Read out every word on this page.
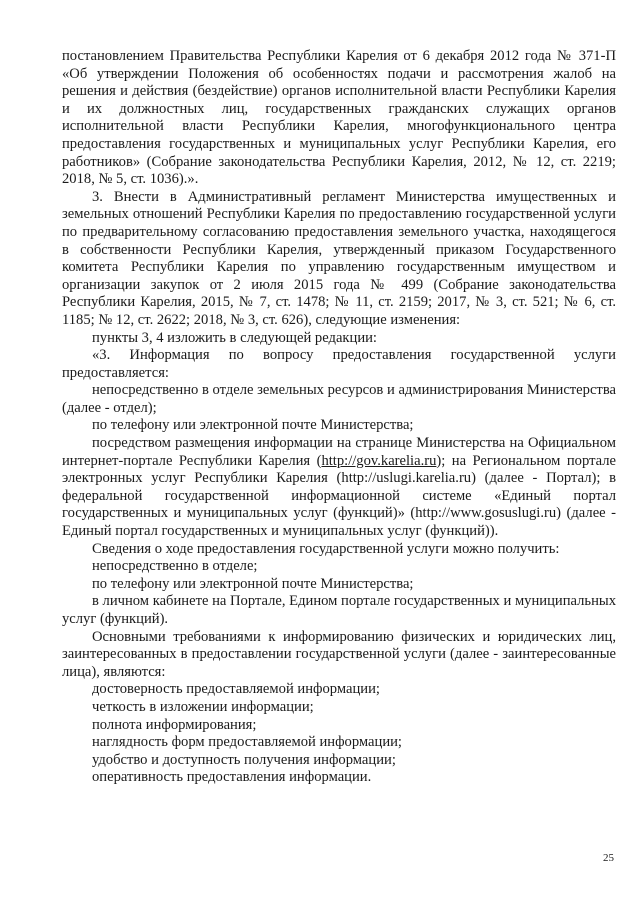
постановлением Правительства Республики Карелия от 6 декабря 2012 года № 371-П «Об утверждении Положения об особенностях подачи и рассмотрения жалоб на решения и действия (бездействие) органов исполнительной власти Республики Карелия и их должностных лиц, государственных гражданских служащих органов исполнительной власти Республики Карелия, многофункционального центра предоставления государственных и муниципальных услуг Республики Карелия, его работников» (Собрание законодательства Республики Карелия, 2012, № 12, ст. 2219; 2018, № 5, ст. 1036).».

3. Внести в Административный регламент Министерства имущественных и земельных отношений Республики Карелия по предоставлению государственной услуги по предварительному согласованию предоставления земельного участка, находящегося в собственности Республики Карелия, утвержденный приказом Государственного комитета Республики Карелия по управлению государственным имуществом и организации закупок от 2 июля 2015 года № 499 (Собрание законодательства Республики Карелия, 2015, № 7, ст. 1478; № 11, ст. 2159; 2017, № 3, ст. 521; № 6, ст. 1185; № 12, ст. 2622; 2018, № 3, ст. 626), следующие изменения:

пункты 3, 4 изложить в следующей редакции:

«3. Информация по вопросу предоставления государственной услуги предоставляется:

непосредственно в отделе земельных ресурсов и администрирования Министерства (далее - отдел);

по телефону или электронной почте Министерства;

посредством размещения информации на странице Министерства на Официальном интернет-портале Республики Карелия (http://gov.karelia.ru); на Региональном портале электронных услуг Республики Карелия (http://uslugi.karelia.ru) (далее - Портал); в федеральной государственной информационной системе «Единый портал государственных и муниципальных услуг (функций)» (http://www.gosuslugi.ru) (далее - Единый портал государственных и муниципальных услуг (функций)).

Сведения о ходе предоставления государственной услуги можно получить:

непосредственно в отделе;

по телефону или электронной почте Министерства;

в личном кабинете на Портале, Едином портале государственных и муниципальных услуг (функций).

Основными требованиями к информированию физических и юридических лиц, заинтересованных в предоставлении государственной услуги (далее - заинтересованные лица), являются:

достоверность предоставляемой информации;

четкость в изложении информации;

полнота информирования;

наглядность форм предоставляемой информации;

удобство и доступность получения информации;

оперативность предоставления информации.

25
